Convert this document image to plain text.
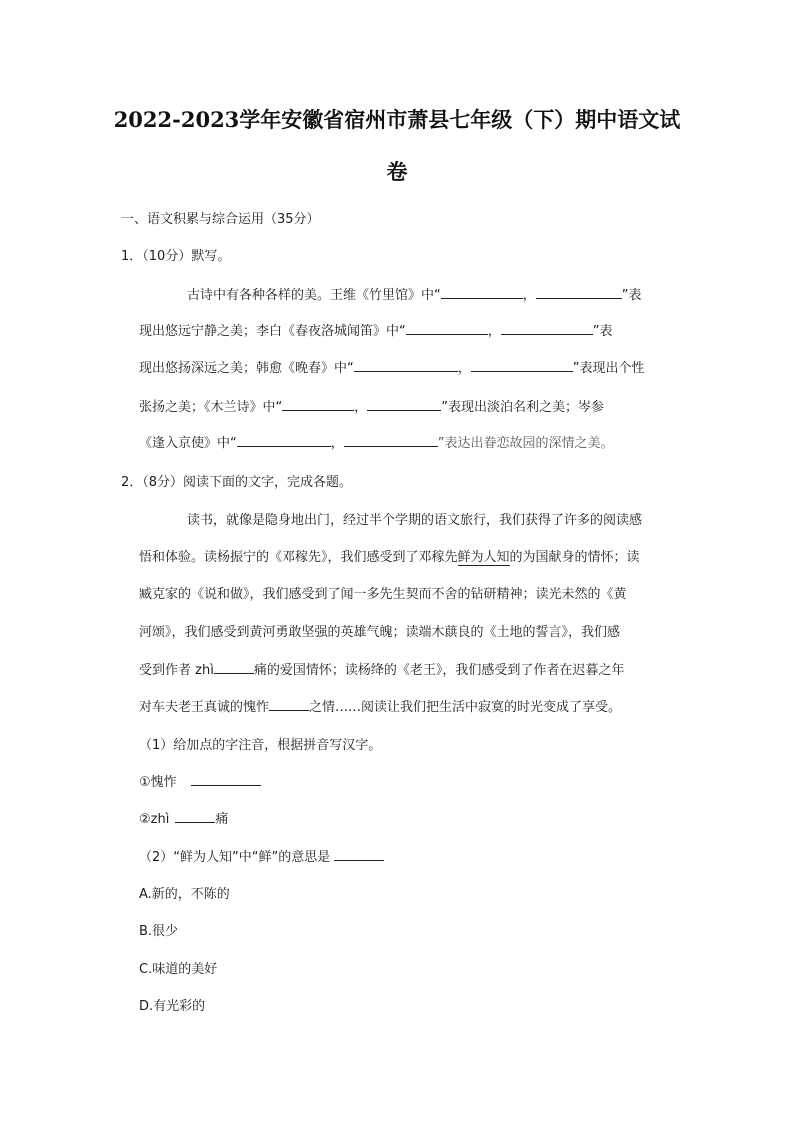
2022-2023学年安徽省宿州市萧县七年级（下）期中语文试
卷
一、语文积累与综合运用（35分）
1．（10分）默写。
古诗中有各种各样的美。王维《竹里馆》中“	，	”表
现出悠远宁静之美；李白《春夜洛城闻笛》中“	，	”表
现出悠扬深远之美；韩愈《晚春》中“	，	”表现出个性
张扬之美；《木兰诗》中“	，	”表现出淡泊名利之美；岑参
《逢入京使》中“	，	”表达出眷恋故园的深情之美。
2．（8分）阅读下面的文字，完成各题。
读书，就像是隐身地出门，经过半个学期的语文旅行，我们获得了许多的阅读感
悟和体验。读杨振宁的《邓稼先》，我们感受到了邓稼先鲜为人知的为国献身的情怀；读
臧克家的《说和做》，我们感受到了闻一多先生契而不舍的钻研精神；读光未然的《黄
河颂》，我们感受到黄河勇敢坚强的英雄气魄；读端木蕻良的《土地的誓言》，我们感
受到作者 zhì	痛的爱国情怀；读杨绛的《老王》，我们感受到了作者在迟暮之年
对车夫老王真诚的愧怍	之情……阅读让我们把生活中寂寞的时光变成了享受。
（1）给加点的字注音，根据拼音写汉字。
①愧怍
②zhì	痛
（2）“鲜为人知”中“鲜”的意思是
A.新的，不陈的
B.很少
C.味道的美好
D.有光彩的
